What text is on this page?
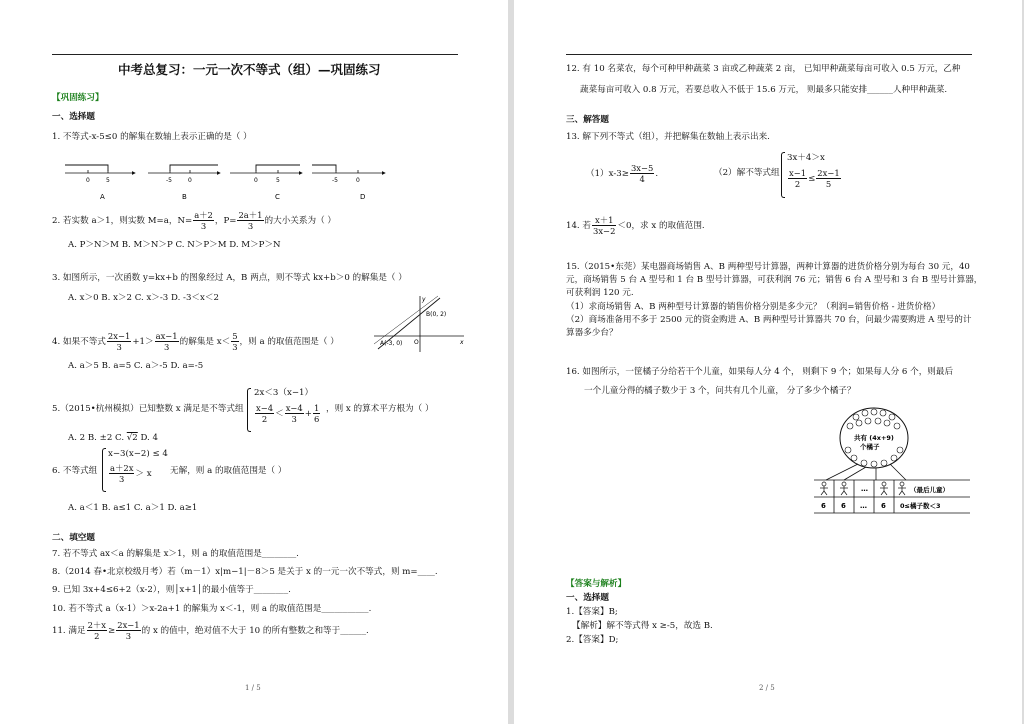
中考总复习：一元一次不等式（组）—巩固练习
【巩固练习】
一、选择题
1. 不等式-x-5≤0 的解集在数轴上表示正确的是（ ）
0	5
A
-5	0
B
0	5
C
-5	0
D
2. 若实数 a＞1，则实数 M=a，$N= \frac{a+2}{3}$ ，$P= \frac{2a+1}{3}$ 的大小关系为（ ）
A. P＞N＞M B. M＞N＞P C. N＞P＞M D. M＞P＞N
3. 如图所示，一次函数 y=kx+b 的图象经过 A，B 两点，则不等式 kx+b＞0 的解集是（ ）
A. x＞0 B. x＞2 C. x＞-3 D. -3＜x＜2
x
y
B(0, 2)
A(-3, 0) O
4. 如果不等式 $\frac{2x-1}{3} +1> \frac{ax-1}{3}$ 的解集是 $x< \frac{5}{3}$ ，则 a 的取值范围是（ ）
A. a＞5 B. a=5 C. a＞-5 D. a=-5
5.（2015•杭州模拟）已知整数 x 满足是不等式组
2x＜3（x−1）
$\frac{x-4}{2} < \frac{x-4}{3} + \frac{1}{6}$ ，则 x 的算术平方根为（ ）
A. 2 B. ±2 C. √2 D. 4
6. 不等式组
x−3(x−2) ≤ 4
$\frac{a+2x}{3} > x$ 无解，则 a 的取值范围是（ ）
A. a＜1 B. a≤1 C. a＞1 D. a≥1
二、填空题
7. 若不等式 ax＜a 的解集是 x＞1，则 a 的取值范围是________.
8.（2014 春•北京校级月考）若（m－1）x|m−1|－8＞5 是关于 x 的一元一次不等式，则 m=____.
9. 已知 3x+4≤6+2（x-2），则│x+1│的最小值等于________.
10. 若不等式 a（x-1）＞x-2a+1 的解集为 x＜-1，则 a 的取值范围是___________.
11. 满足 $\frac{2+x}{2} \ge \frac{2x-1}{3}$ 的 x 的值中，绝对值不大于 10 的所有整数之和等于______.
1 / 5
12. 有 10 名菜农，每个可种甲种蔬菜 3 亩或乙种蔬菜 2 亩， 已知甲种蔬菜每亩可收入 0.5 万元，乙种
蔬菜每亩可收入 0.8 万元，若要总收入不低于 15.6 万元， 则最多只能安排______人种甲种蔬菜.
三、解答题
13. 解下列不等式（组），并把解集在数轴上表示出来.
$(1)x-3\ge \frac{3x-5}{4}$ .	（2）解不等式组
3x＋4＞x
$\frac{x-1}{2} \le \frac{2x-1}{5}$
14. 若 $\frac{x+1}{3x-2} <0$，求 x 的取值范围.
15.（2015•东莞）某电器商场销售 A、B 两种型号计算器，两种计算器的进货价格分别为每台 30 元，40
元，商场销售 5 台 A 型号和 1 台 B 型号计算器，可获利润 76 元；销售 6 台 A 型号和 3 台 B 型号计算器，
可获利润 120 元.
（1）求商场销售 A、B 两种型号计算器的销售价格分别是多少元？（利润=销售价格 - 进货价格）
（2）商场准备用不多于 2500 元的资金购进 A、B 两种型号计算器共 70 台，问最少需要购进 A 型号的计
算器多少台？
16. 如图所示，一筐橘子分给若干个儿童，如果每人分 4 个， 则剩下 9 个；如果每人分 6 个，则最后
一个儿童分得的橘子数少于 3 个，问共有几个儿童， 分了多少个橘子？
共有 (4x+9)
个橘子
（最后儿童）
…
6 6 … 6 0≤橘子数＜3
【答案与解析】
一、选择题
1.【答案】B;
【解析】解不等式得 x ≥-5，故选 B.
2.【答案】D;
2 / 5
